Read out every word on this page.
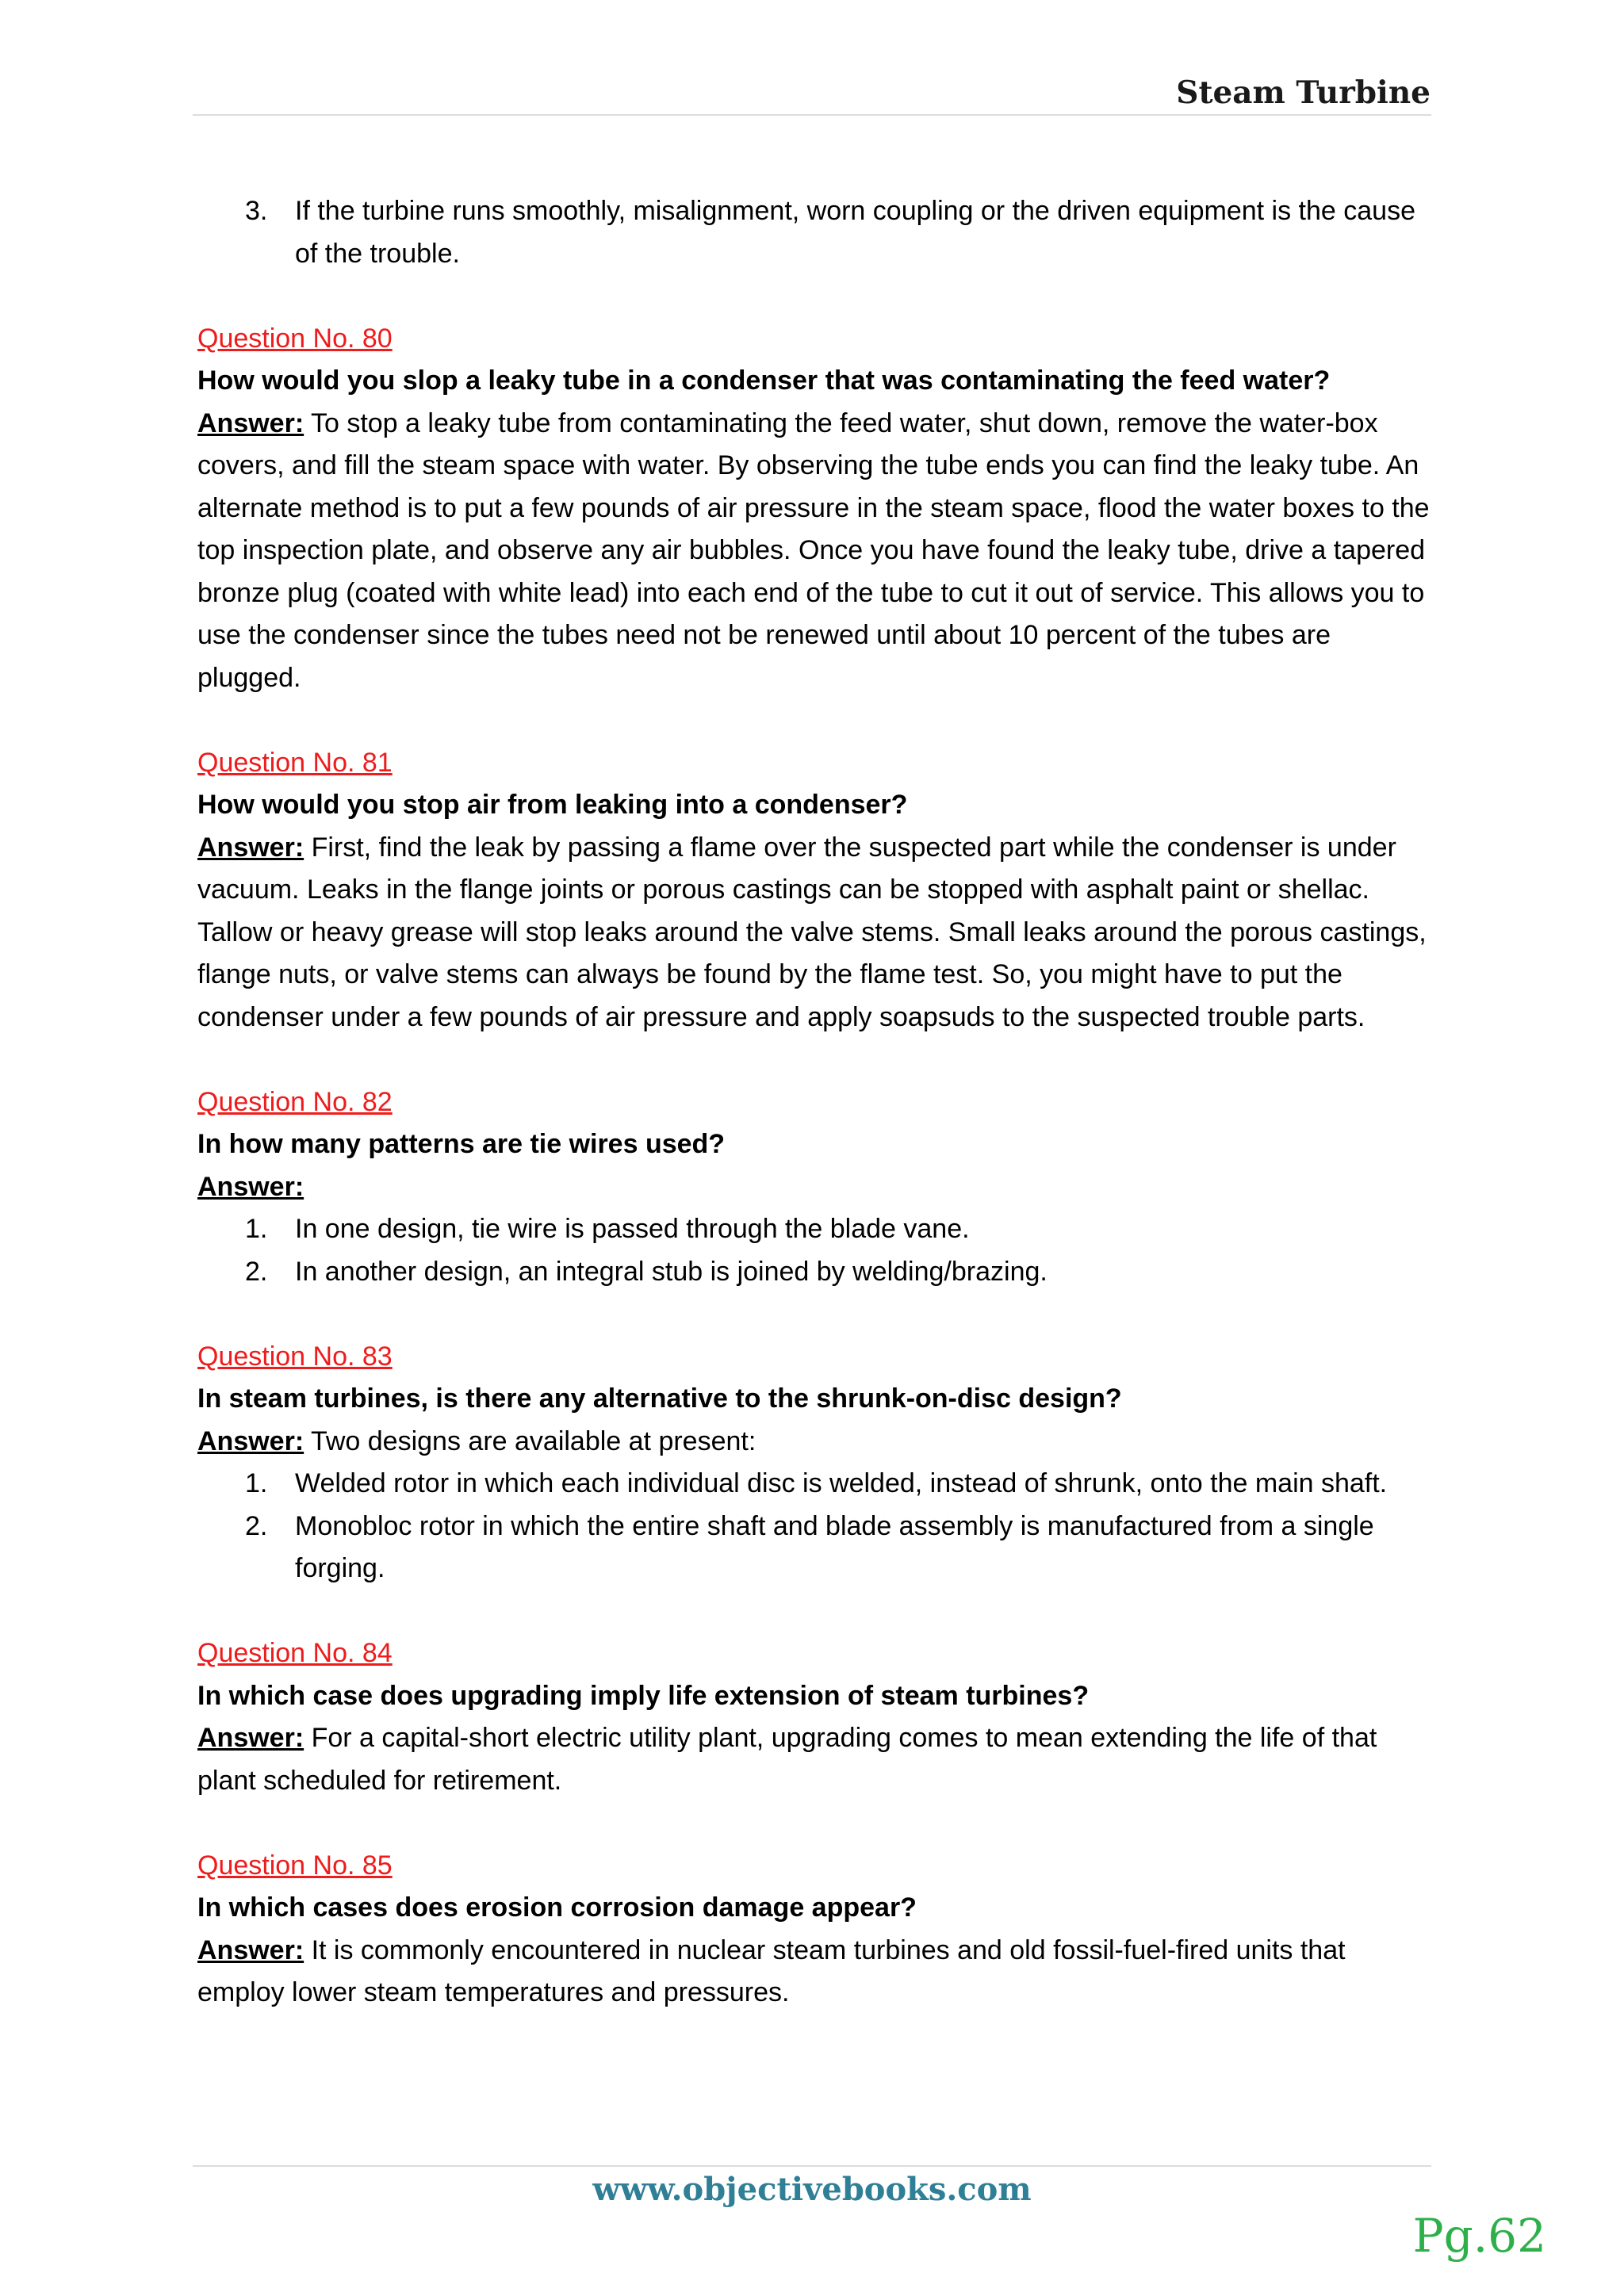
Steam Turbine
3. If the turbine runs smoothly, misalignment, worn coupling or the driven equipment is the cause of the trouble.
Question No. 80
How would you slop a leaky tube in a condenser that was contaminating the feed water?
Answer: To stop a leaky tube from contaminating the feed water, shut down, remove the water-box covers, and fill the steam space with water. By observing the tube ends you can find the leaky tube. An alternate method is to put a few pounds of air pressure in the steam space, flood the water boxes to the top inspection plate, and observe any air bubbles. Once you have found the leaky tube, drive a tapered bronze plug (coated with white lead) into each end of the tube to cut it out of service. This allows you to use the condenser since the tubes need not be renewed until about 10 percent of the tubes are plugged.
Question No. 81
How would you stop air from leaking into a condenser?
Answer: First, find the leak by passing a flame over the suspected part while the condenser is under vacuum. Leaks in the flange joints or porous castings can be stopped with asphalt paint or shellac. Tallow or heavy grease will stop leaks around the valve stems. Small leaks around the porous castings, flange nuts, or valve stems can always be found by the flame test. So, you might have to put the condenser under a few pounds of air pressure and apply soapsuds to the suspected trouble parts.
Question No. 82
In how many patterns are tie wires used?
Answer:
1. In one design, tie wire is passed through the blade vane.
2. In another design, an integral stub is joined by welding/brazing.
Question No. 83
In steam turbines, is there any alternative to the shrunk-on-disc design?
Answer: Two designs are available at present:
1. Welded rotor in which each individual disc is welded, instead of shrunk, onto the main shaft.
2. Monobloc rotor in which the entire shaft and blade assembly is manufactured from a single forging.
Question No. 84
In which case does upgrading imply life extension of steam turbines?
Answer: For a capital-short electric utility plant, upgrading comes to mean extending the life of that plant scheduled for retirement.
Question No. 85
In which cases does erosion corrosion damage appear?
Answer: It is commonly encountered in nuclear steam turbines and old fossil-fuel-fired units that employ lower steam temperatures and pressures.
www.objectivebooks.com
Pg.62
